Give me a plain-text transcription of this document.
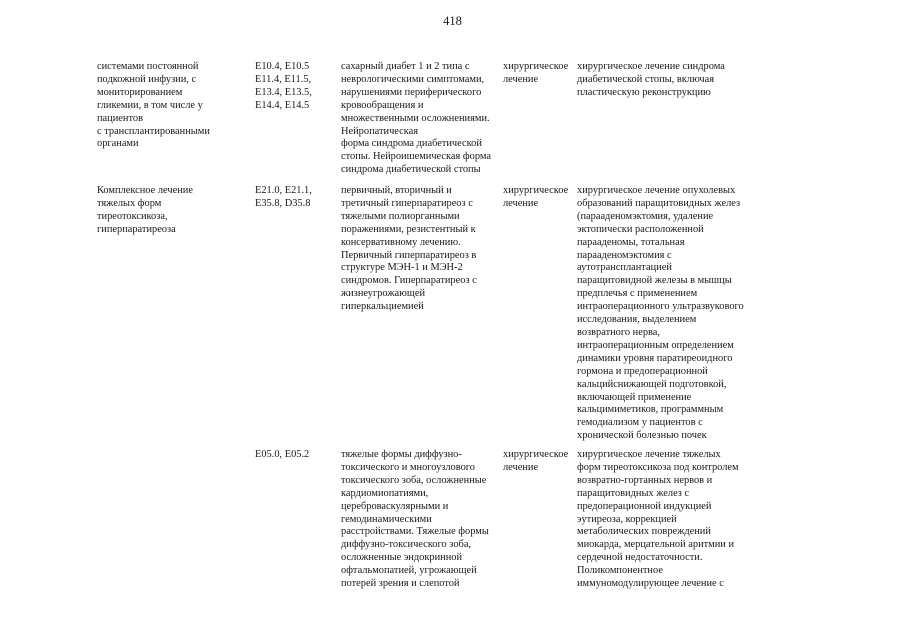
418
системами постоянной
подкожной инфузии, с
мониторированием
гликемии, в том числе у
пациентов
с трансплантированными
органами
E10.4, E10.5
E11.4, E11.5,
E13.4, E13.5,
E14.4, E14.5
сахарный диабет 1 и 2 типа с
неврологическими симптомами,
нарушениями периферического
кровообращения и
множественными осложнениями.
Нейропатическая
форма синдрома диабетической
стопы. Нейроишемическая форма
синдрома диабетической стопы
хирургическое
лечение
хирургическое лечение синдрома
диабетической стопы, включая
пластическую реконструкцию
Комплексное лечение
тяжелых форм
тиреотоксикоза,
гиперпаратиреоза
E21.0, E21.1,
E35.8, D35.8
первичный, вторичный и
третичный гиперпаратиреоз с
тяжелыми полиорганными
поражениями, резистентный к
консервативному лечению.
Первичный гиперпаратиреоз в
структуре МЭН-1 и МЭН-2
синдромов. Гиперпаратиреоз с
жизнеугрожающей
гиперкальциемией
хирургическое
лечение
хирургическое лечение опухолевых
образований паращитовидных желез
(парааденомэктомия, удаление
эктопически расположенной
парааденомы, тотальная
парааденомэктомия с
аутотрансплантацией
паращитовидной железы в мышцы
предплечья с применением
интраоперационного ультразвукового
исследования, выделением
возвратного нерва,
интраоперационным определением
динамики уровня паратиреоидного
гормона и предоперационной
кальцийснижающей подготовкой,
включающей применение
кальцимиметиков, программным
гемодиализом у пациентов с
хронической болезнью почек
E05.0, E05.2	тяжелые формы диффузно-
токсического и многоузлового
токсического зоба, осложненные
кардиомиопатиями,
цереброваскулярными и
гемодинамическими
расстройствами. Тяжелые формы
диффузно-токсического зоба,
осложненные эндокринной
офтальмопатией, угрожающей
потерей зрения и слепотой
хирургическое
лечение
хирургическое лечение тяжелых
форм тиреотоксикоза под контролем
возвратно-гортанных нервов и
паращитовидных желез с
предоперационной индукцией
эутиреоза, коррекцией
метаболических повреждений
миокарда, мерцательной аритмии и
сердечной недостаточности.
Поликомпонентное
иммуномодулирующее лечение с
